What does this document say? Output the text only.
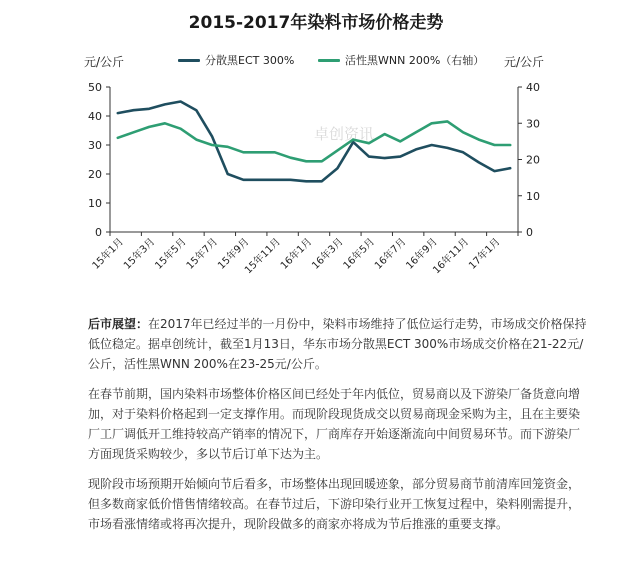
2015-2017年染料市场价格走势
元/公斤	元/公斤
分散黑ECT 300%	活性黑WNN 200%（右轴）
卓创资讯
0
10
20
30
40
50
0
10
20
30
40
15年1月
15年3月
15年5月
15年7月
15年9月
15年11月
16年1月
16年3月
16年5月
16年7月
16年9月
16年11月
17年1月

后市展望：在2017年已经过半的一月份中，染料市场维持了低位运行走势，市场成交价格保持低位稳定。据卓创统计，截至1月13日，华东市场分散黑ECT 300%市场成交价格在21-22元/公斤，活性黑WNN 200%在23-25元/公斤。

在春节前期，国内染料市场整体价格区间已经处于年内低位，贸易商以及下游染厂备货意向增加，对于染料价格起到一定支撑作用。而现阶段现货成交以贸易商现金采购为主，且在主要染厂工厂调低开工维持较高产销率的情况下，厂商库存开始逐渐流向中间贸易环节。而下游染厂方面现货采购较少，多以节后订单下达为主。

现阶段市场预期开始倾向节后看多，市场整体出现回暖迹象，部分贸易商节前清库回笼资金，但多数商家低价惜售情绪较高。在春节过后，下游印染行业开工恢复过程中，染料刚需提升，市场看涨情绪或将再次提升，现阶段做多的商家亦将成为节后推涨的重要支撑。
